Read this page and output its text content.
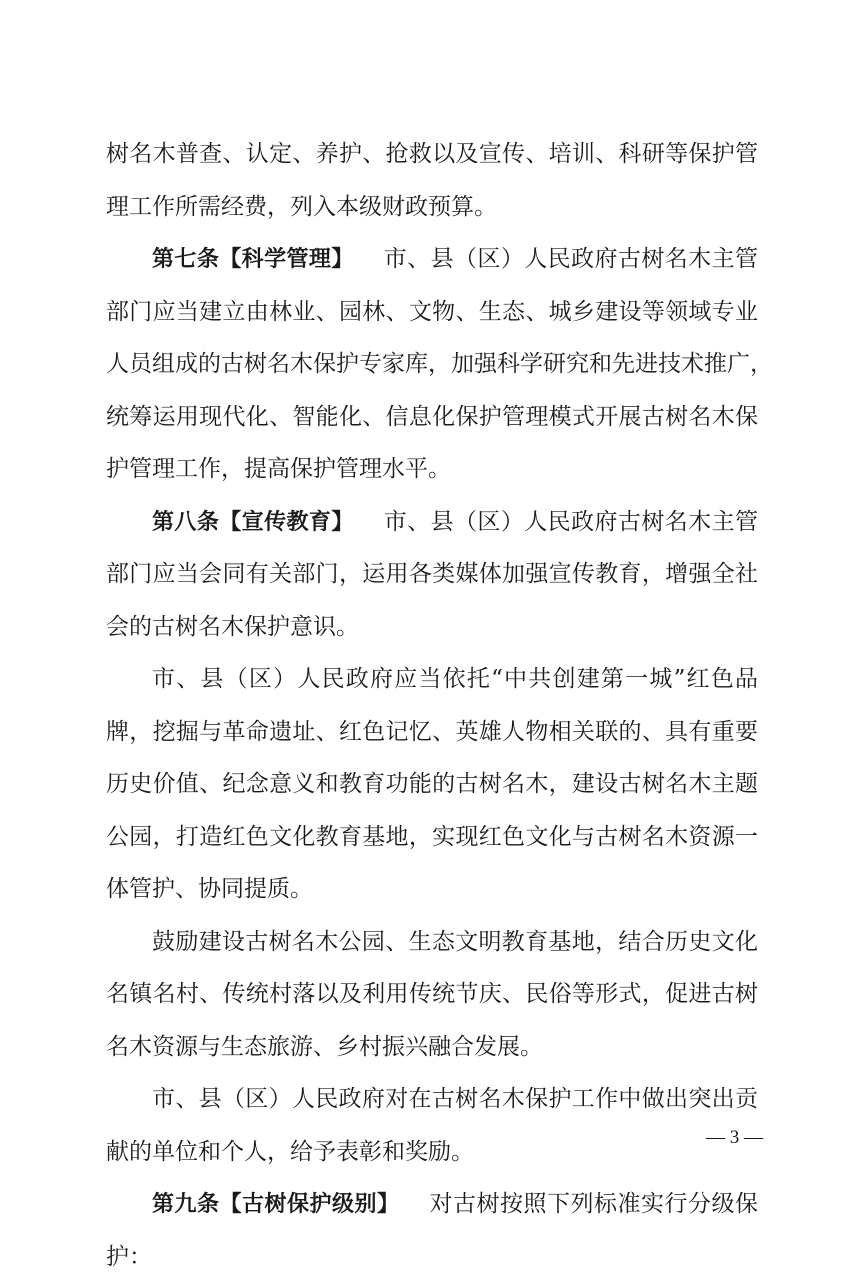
树名木普查、认定、养护、抢救以及宣传、培训、科研等保护管
理工作所需经费，列入本级财政预算。
第七条【科学管理】 市、县（区）人民政府古树名木主管
部门应当建立由林业、园林、文物、生态、城乡建设等领域专业
人员组成的古树名木保护专家库，加强科学研究和先进技术推广，
统筹运用现代化、智能化、信息化保护管理模式开展古树名木保
护管理工作，提高保护管理水平。
第八条【宣传教育】 市、县（区）人民政府古树名木主管
部门应当会同有关部门，运用各类媒体加强宣传教育，增强全社
会的古树名木保护意识。
市、县（区）人民政府应当依托“中共创建第一城”红色品
牌，挖掘与革命遗址、红色记忆、英雄人物相关联的、具有重要
历史价值、纪念意义和教育功能的古树名木，建设古树名木主题
公园，打造红色文化教育基地，实现红色文化与古树名木资源一
体管护、协同提质。
鼓励建设古树名木公园、生态文明教育基地，结合历史文化
名镇名村、传统村落以及利用传统节庆、民俗等形式，促进古树
名木资源与生态旅游、乡村振兴融合发展。
市、县（区）人民政府对在古树名木保护工作中做出突出贡
献的单位和个人，给予表彰和奖励。
第九条【古树保护级别】 对古树按照下列标准实行分级保
护：
— 3 —
